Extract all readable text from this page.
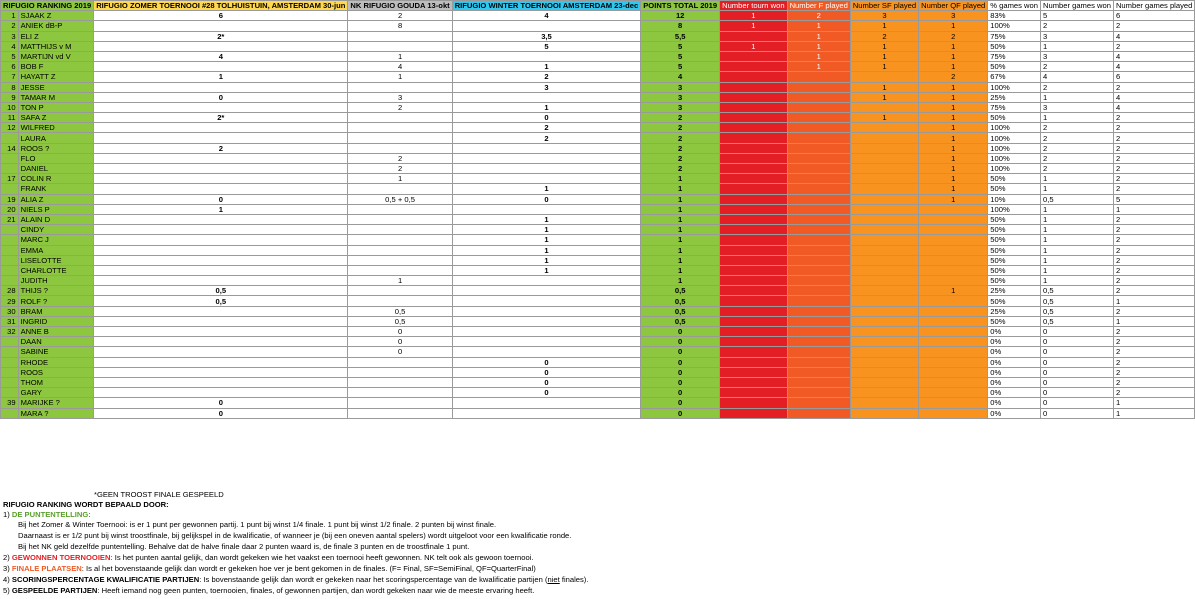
RIFUGIO RANKING 2019		RIFUGIO ZOMER TOERNOOI #28 TOLHUISTUIN, AMSTERDAM 30-jun	NK RIFUGIO GOUDA 13-okt	RIFUGIO WINTER TOERNOOI AMSTERDAM 23-dec	POINTS TOTAL 2019	Number tourn won	Number F played	Number SF played	Number QF played	% games won	Number games won	Number games played
1	SJAAK Z	6	2	4	12	1	2	3	3	83%	5	6
2	ANIEK dB-P		8		8	1	1	1	1	100%	2	2
3	ELI Z	2*		3,5	5,5		1	2	2	75%	3	4
4	MATTHIJS v M			5	5	1	1	1	1	50%	1	2
5	MARTIJN vd V	4	1		5		1	1	1	75%	3	4
6	BOB F		4	1	5		1	1	1	50%	2	4
7	HAYATT Z	1	1	2	4				2	67%	4	6
8	JESSE			3	3			1	1	100%	2	2
9	TAMAR M	0	3		3			1	1	25%	1	4
10	TON P		2	1	3				1	75%	3	4
11	SAFA Z	2*		0	2			1	1	50%	1	2
12	WILFRED			2	2				1	100%	2	2
	LAURA			2	2				1	100%	2	2
14	ROOS ?	2			2				1	100%	2	2
	FLO		2		2				1	100%	2	2
	DANIEL		2		2				1	100%	2	2
17	COLIN R		1		1				1	50%	1	2
	FRANK			1	1				1	50%	1	2
19	ALIA Z	0	0,5 + 0,5	0	1				1	10%	0,5	5
20	NIELS P	1			1					100%	1	1
21	ALAIN D			1	1					50%	1	2
	CINDY			1	1					50%	1	2
	MARC J			1	1					50%	1	2
	EMMA			1	1					50%	1	2
	LISELOTTE			1	1					50%	1	2
	CHARLOTTE			1	1					50%	1	2
	JUDITH		1		1					50%	1	2
28	THIJS ?	0,5			0,5				1	25%	0,5	2
29	ROLF ?	0,5			0,5					50%	0,5	1
30	BRAM		0,5		0,5					25%	0,5	2
31	INGRID		0,5		0,5					50%	0,5	1
32	ANNE B		0		0					0%	0	2
	DAAN		0		0					0%	0	2
	SABINE		0		0					0%	0	2
	RHODE			0	0					0%	0	2
	ROOS			0	0					0%	0	2
	THOM			0	0					0%	0	2
	GARY			0	0					0%	0	2
39	MARIJKE ?	0			0					0%	0	1
	MARA ?	0			0					0%	0	1
*GEEN TROOST FINALE GESPEELD
RIFUGIO RANKING WORDT BEPAALD DOOR:
1) DE PUNTENTELLING:
Bij het Zomer & Winter Toernooi: is er 1 punt per gewonnen partij. 1 punt bij winst 1/4 finale. 1 punt bij winst 1/2 finale. 2 punten bij winst finale.
Daarnaast is er 1/2 punt bij winst troostfinale, bij gelijkspel in de kwalificatie, of wanneer je (bij een oneven aantal spelers) wordt uitgeloot voor een kwalificatie ronde.
Bij het NK geld dezelfde puntentelling. Behalve dat de halve finale daar 2 punten waard is, de finale 3 punten en de troostfinale 1 punt.
2) GEWONNEN TOERNOOIEN: Is het punten aantal gelijk, dan wordt gekeken wie het vaakst een toernooi heeft gewonnen. NK telt ook als gewoon toernooi.
3) FINALE PLAATSEN: Is al het bovenstaande gelijk dan wordt er gekeken hoe ver je bent gekomen in de finales. (F= Final, SF=SemiFinal, QF=QuarterFinal)
4) SCORINGSPERCENTAGE KWALIFICATIE PARTIJEN: Is bovenstaande gelijk dan wordt er gekeken naar het scoringspercentage van de kwalificatie partijen (niet finales).
5) GESPEELDE PARTIJEN: Heeft iemand nog geen punten, toernooien, finales, of gewonnen partijen, dan wordt gekeken naar wie de meeste ervaring heeft.
